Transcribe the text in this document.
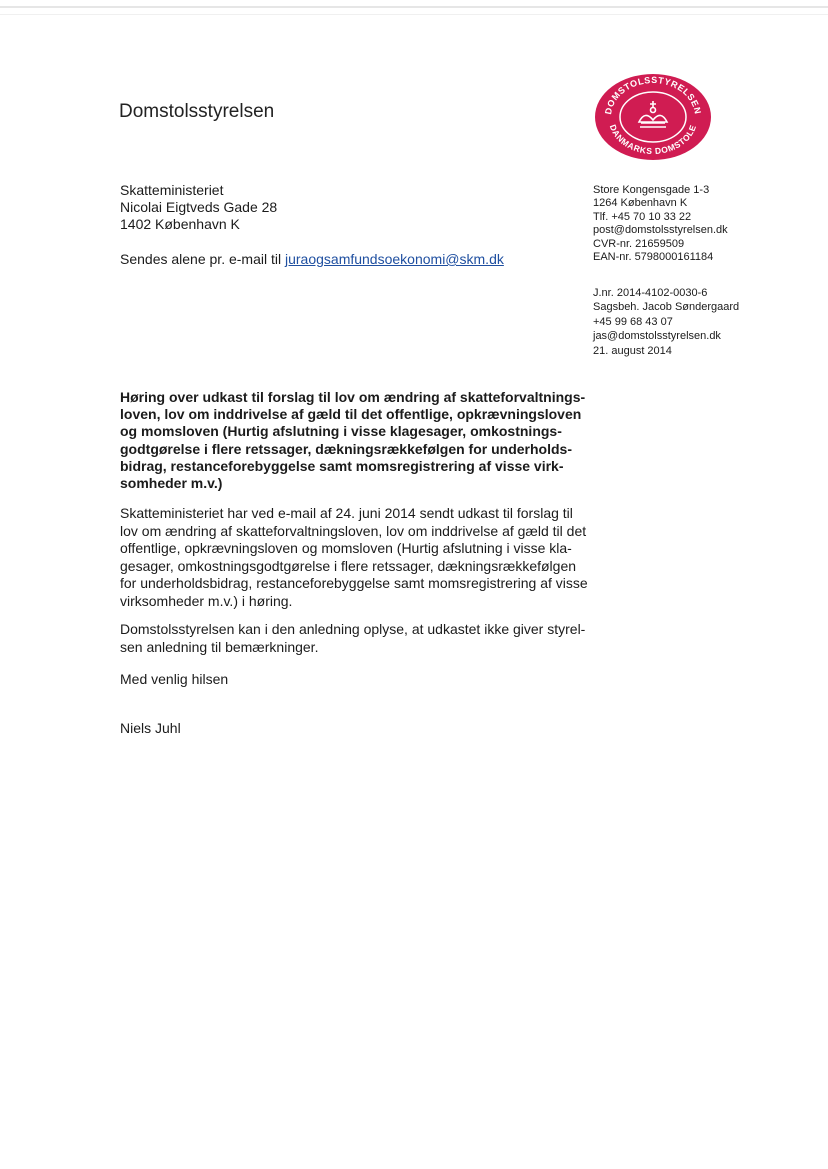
Domstolsstyrelsen	DOMSTOLSSTYRELSEN
DANMARKS DOMSTOLE
Skatteministeriet
Nicolai Eigtveds Gade 28
1402 København K
Sendes alene pr. e-mail til juraogsamfundsoekonomi@skm.dk
Store Kongensgade 1-3
1264 København K
Tlf. +45 70 10 33 22
post@domstolsstyrelsen.dk
CVR-nr. 21659509
EAN-nr. 5798000161184
J.nr. 2014-4102-0030-6
Sagsbeh. Jacob Søndergaard
+45 99 68 43 07
jas@domstolsstyrelsen.dk
21. august 2014
Høring over udkast til forslag til lov om ændring af skatteforvaltnings-
loven, lov om inddrivelse af gæld til det offentlige, opkrævningsloven
og momsloven (Hurtig afslutning i visse klagesager, omkostnings-
godtgørelse i flere retssager, dækningsrækkefølgen for underholds-
bidrag, restanceforebyggelse samt momsregistrering af visse virk-
somheder m.v.)
Skatteministeriet har ved e-mail af 24. juni 2014 sendt udkast til forslag til
lov om ændring af skatteforvaltningsloven, lov om inddrivelse af gæld til det
offentlige, opkrævningsloven og momsloven (Hurtig afslutning i visse kla-
gesager, omkostningsgodtgørelse i flere retssager, dækningsrækkefølgen
for underholdsbidrag, restanceforebyggelse samt momsregistrering af visse
virksomheder m.v.) i høring.
Domstolsstyrelsen kan i den anledning oplyse, at udkastet ikke giver styrel-
sen anledning til bemærkninger.
Med venlig hilsen
Niels Juhl
